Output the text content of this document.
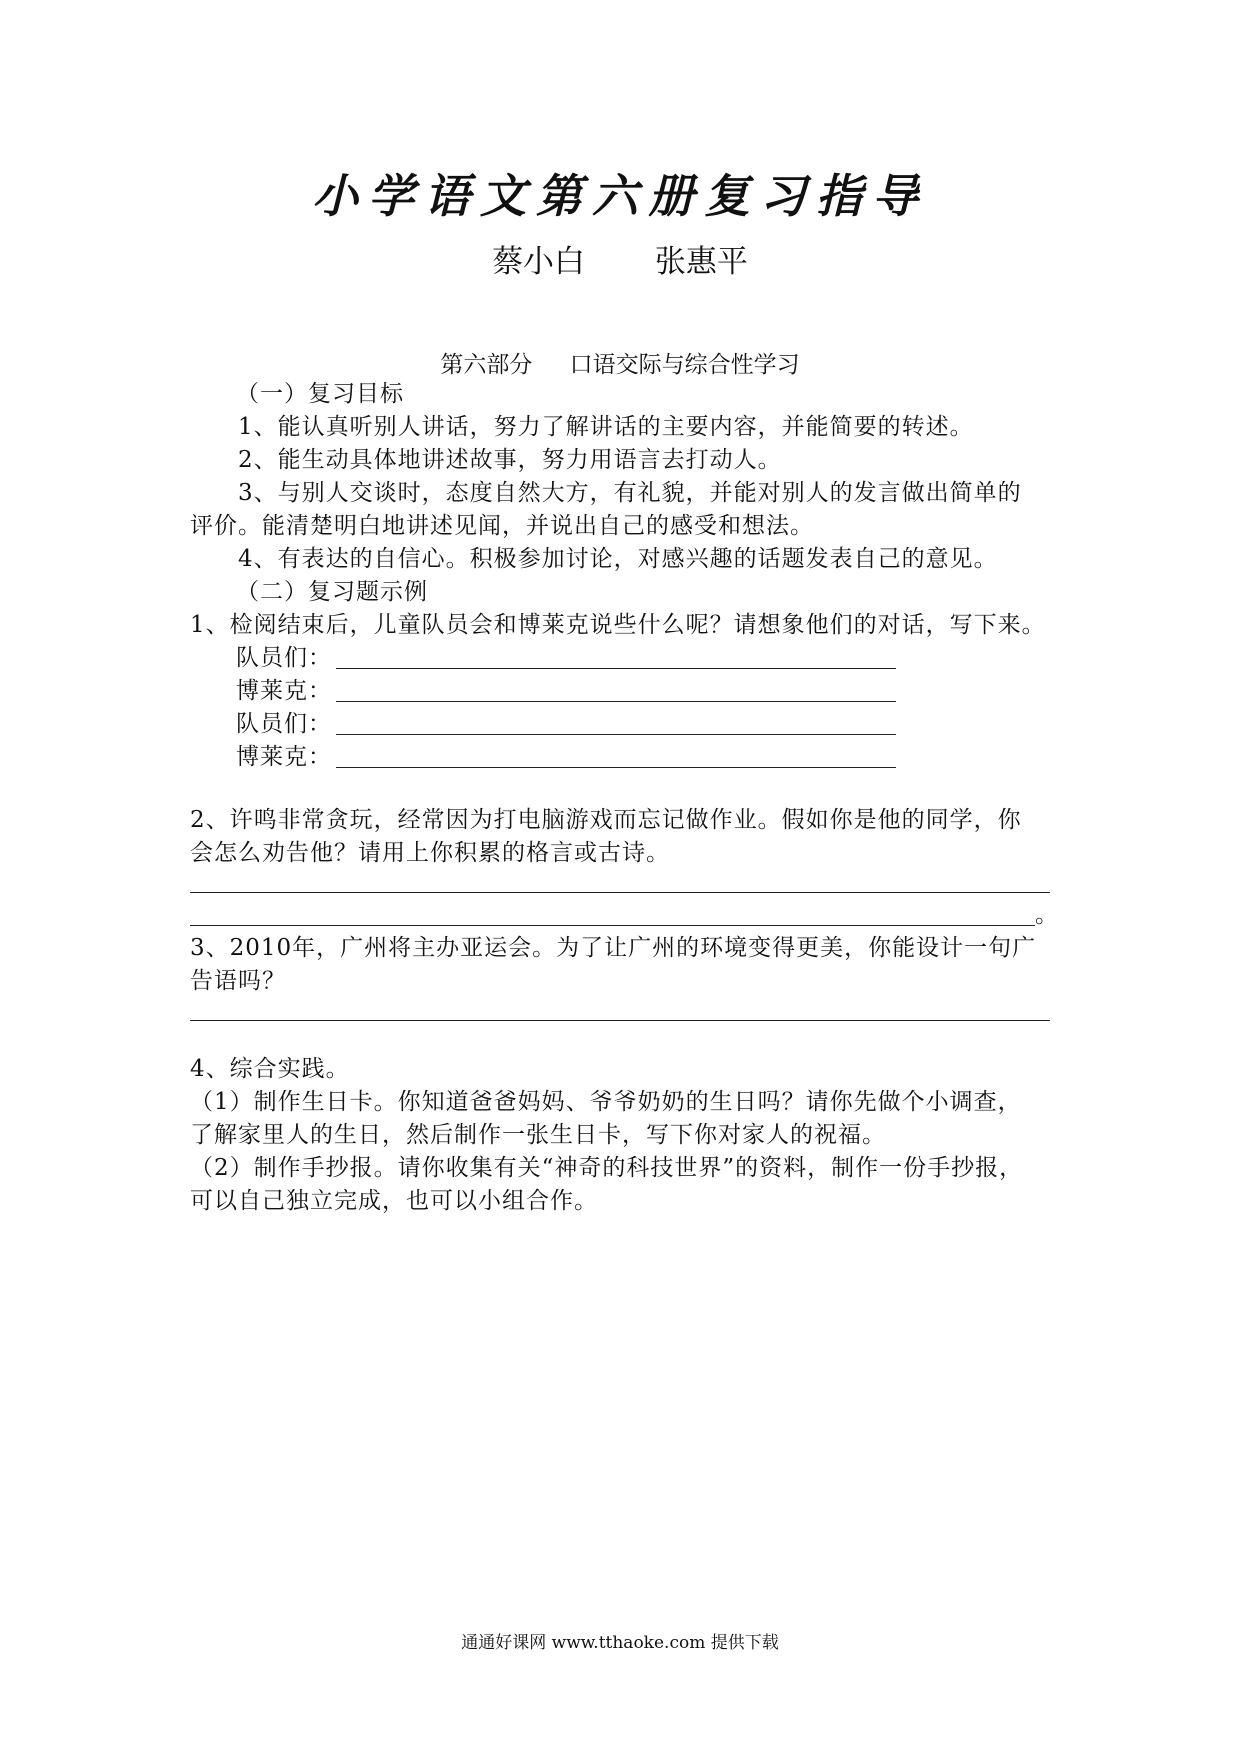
小学语文第六册复习指导
蔡小白 张惠平
第六部分 口语交际与综合性学习
（一）复习目标
1、能认真听别人讲话，努力了解讲话的主要内容，并能简要的转述。
2、能生动具体地讲述故事，努力用语言去打动人。
3、与别人交谈时，态度自然大方，有礼貌，并能对别人的发言做出简单的
评价。能清楚明白地讲述见闻，并说出自己的感受和想法。
4、有表达的自信心。积极参加讨论，对感兴趣的话题发表自己的意见。
（二）复习题示例
1、检阅结束后，儿童队员会和博莱克说些什么呢？请想象他们的对话，写下来。
队员们：
博莱克：
队员们：
博莱克：
2、许鸣非常贪玩，经常因为打电脑游戏而忘记做作业。假如你是他的同学，你
会怎么劝告他？请用上你积累的格言或古诗。
。
3、2010年，广州将主办亚运会。为了让广州的环境变得更美，你能设计一句广
告语吗？
4、综合实践。
（1）制作生日卡。你知道爸爸妈妈、爷爷奶奶的生日吗？请你先做个小调查，
了解家里人的生日，然后制作一张生日卡，写下你对家人的祝福。
（2）制作手抄报。请你收集有关“神奇的科技世界”的资料，制作一份手抄报，
可以自己独立完成，也可以小组合作。
通通好课网 www.tthaoke.com 提供下载
